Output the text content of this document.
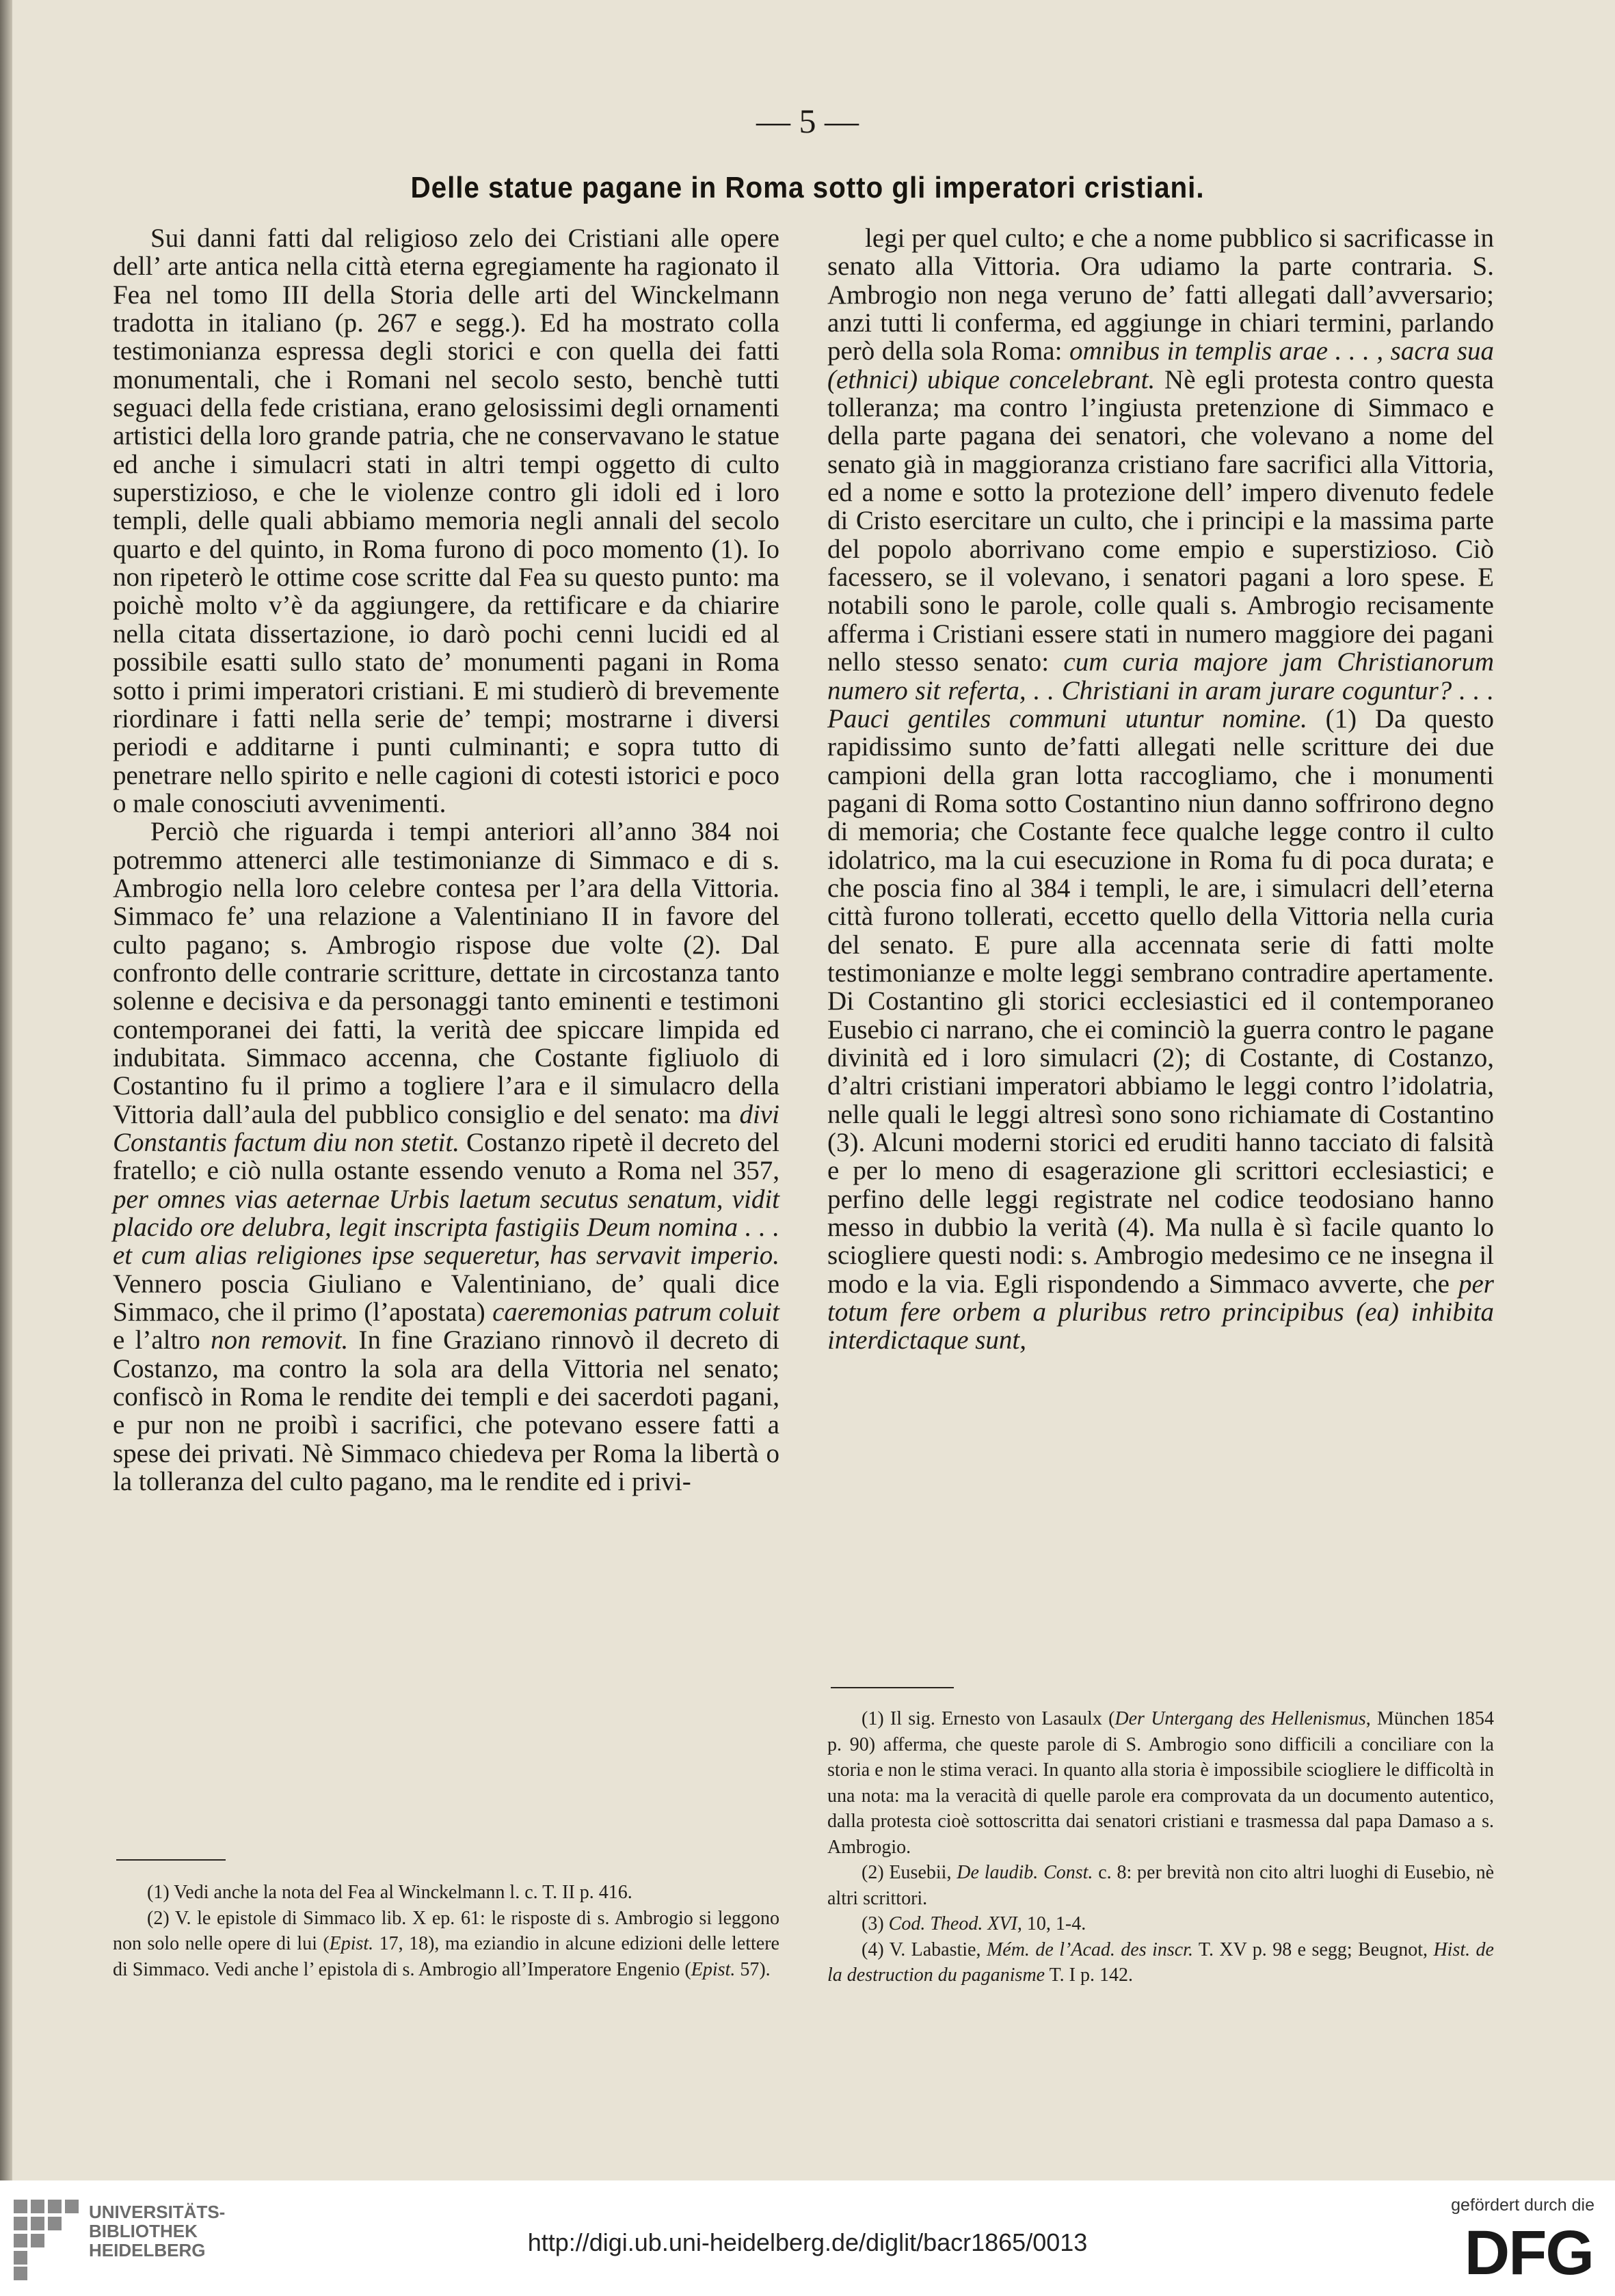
— 5 —
Delle statue pagane in Roma sotto gli imperatori cristiani.

Sui danni fatti dal religioso zelo dei Cristiani alle opere dell’ arte antica nella città eterna egregiamente ha ragionato il Fea nel tomo III della Storia delle arti del Winckelmann tradotta in italiano (p. 267 e segg.). Ed ha mostrato colla testimonianza espressa degli storici e con quella dei fatti monumentali, che i Romani nel secolo sesto, benchè tutti seguaci della fede cristiana, erano gelosissimi degli ornamenti artistici della loro grande patria, che ne conservavano le statue ed anche i simulacri stati in altri tempi oggetto di culto superstizioso, e che le violenze contro gli idoli ed i loro templi, delle quali abbiamo memoria negli annali del secolo quarto e del quinto, in Roma furono di poco momento (1). Io non ripeterò le ottime cose scritte dal Fea su questo punto: ma poichè molto v’è da aggiungere, da rettificare e da chiarire nella citata dissertazione, io darò pochi cenni lucidi ed al possibile esatti sullo stato de’ monumenti pagani in Roma sotto i primi imperatori cristiani. E mi studierò di brevemente riordinare i fatti nella serie de’ tempi; mostrarne i diversi periodi e additarne i punti culminanti; e sopra tutto di penetrare nello spirito e nelle cagioni di cotesti istorici e poco o male conosciuti avvenimenti.

Perciò che riguarda i tempi anteriori all’anno 384 noi potremmo attenerci alle testimonianze di Simmaco e di s. Ambrogio nella loro celebre contesa per l’ara della Vittoria. Simmaco fe’ una relazione a Valentiniano II in favore del culto pagano; s. Ambrogio rispose due volte (2). Dal confronto delle contrarie scritture, dettate in circostanza tanto solenne e decisiva e da personaggi tanto eminenti e testimoni contemporanei dei fatti, la verità dee spiccare limpida ed indubitata. Simmaco accenna, che Costante figliuolo di Costantino fu il primo a togliere l’ara e il simulacro della Vittoria dall’aula del pubblico consiglio e del senato: ma divi Constantis factum diu non stetit. Costanzo ripetè il decreto del fratello; e ciò nulla ostante essendo venuto a Roma nel 357, per omnes vias aeternae Urbis laetum secutus senatum, vidit placido ore delubra, legit inscripta fastigiis Deum nomina . . . et cum alias religiones ipse sequeretur, has servavit imperio. Vennero poscia Giuliano e Valentiniano, de’ quali dice Simmaco, che il primo (l’apostata) caeremonias patrum coluit e l’altro non removit. In fine Graziano rinnovò il decreto di Costanzo, ma contro la sola ara della Vittoria nel senato; confiscò in Roma le rendite dei templi e dei sacerdoti pagani, e pur non ne proibì i sacrifici, che potevano essere fatti a spese dei privati. Nè Simmaco chiedeva per Roma la libertà o la tolleranza del culto pagano, ma le rendite ed i privi-

legi per quel culto; e che a nome pubblico si sacrificasse in senato alla Vittoria. Ora udiamo la parte contraria. S. Ambrogio non nega veruno de’ fatti allegati dall’avversario; anzi tutti li conferma, ed aggiunge in chiari termini, parlando però della sola Roma: omnibus in templis arae . . . , sacra sua (ethnici) ubique concelebrant. Nè egli protesta contro questa tolleranza; ma contro l’ingiusta pretenzione di Simmaco e della parte pagana dei senatori, che volevano a nome del senato già in maggioranza cristiano fare sacrifici alla Vittoria, ed a nome e sotto la protezione dell’ impero divenuto fedele di Cristo esercitare un culto, che i principi e la massima parte del popolo aborrivano come empio e superstizioso. Ciò facessero, se il volevano, i senatori pagani a loro spese. E notabili sono le parole, colle quali s. Ambrogio recisamente afferma i Cristiani essere stati in numero maggiore dei pagani nello stesso senato: cum curia majore jam Christianorum numero sit referta, . . Christiani in aram jurare coguntur? . . . Pauci gentiles communi utuntur nomine. (1) Da questo rapidissimo sunto de’fatti allegati nelle scritture dei due campioni della gran lotta raccogliamo, che i monumenti pagani di Roma sotto Costantino niun danno soffrirono degno di memoria; che Costante fece qualche legge contro il culto idolatrico, ma la cui esecuzione in Roma fu di poca durata; e che poscia fino al 384 i templi, le are, i simulacri dell’eterna città furono tollerati, eccetto quello della Vittoria nella curia del senato. E pure alla accennata serie di fatti molte testimonianze e molte leggi sembrano contradire apertamente. Di Costantino gli storici ecclesiastici ed il contemporaneo Eusebio ci narrano, che ei cominciò la guerra contro le pagane divinità ed i loro simulacri (2); di Costante, di Costanzo, d’altri cristiani imperatori abbiamo le leggi contro l’idolatria, nelle quali le leggi altresì sono sono richiamate di Costantino (3). Alcuni moderni storici ed eruditi hanno tacciato di falsità e per lo meno di esagerazione gli scrittori ecclesiastici; e perfino delle leggi registrate nel codice teodosiano hanno messo in dubbio la verità (4). Ma nulla è sì facile quanto lo sciogliere questi nodi: s. Ambrogio medesimo ce ne insegna il modo e la via. Egli rispondendo a Simmaco avverte, che per totum fere orbem a pluribus retro principibus (ea) inhibita interdictaque sunt,

(1) Vedi anche la nota del Fea al Winckelmann l. c. T. II p. 416.

(2) V. le epistole di Simmaco lib. X ep. 61: le risposte di s. Ambrogio si leggono non solo nelle opere di lui (Epist. 17, 18), ma eziandio in alcune edizioni delle lettere di Simmaco. Vedi anche l’ epistola di s. Ambrogio all’Imperatore Engenio (Epist. 57).

(1) Il sig. Ernesto von Lasaulx (Der Untergang des Hellenismus, München 1854 p. 90) afferma, che queste parole di S. Ambrogio sono difficili a conciliare con la storia e non le stima veraci. In quanto alla storia è impossibile sciogliere le difficoltà in una nota: ma la veracità di quelle parole era comprovata da un documento autentico, dalla protesta cioè sottoscritta dai senatori cristiani e trasmessa dal papa Damaso a s. Ambrogio.

(2) Eusebii, De laudib. Const. c. 8: per brevità non cito altri luoghi di Eusebio, nè altri scrittori.

(3) Cod. Theod. XVI, 10, 1-4.

(4) V. Labastie, Mém. de l’Acad. des inscr. T. XV p. 98 e segg; Beugnot, Hist. de la destruction du paganisme T. I p. 142.

UNIVERSITÄTS-
BIBLIOTHEK
HEIDELBERG	http://digi.ub.uni-heidelberg.de/diglit/bacr1865/0013
gefördert durch die
DFG
